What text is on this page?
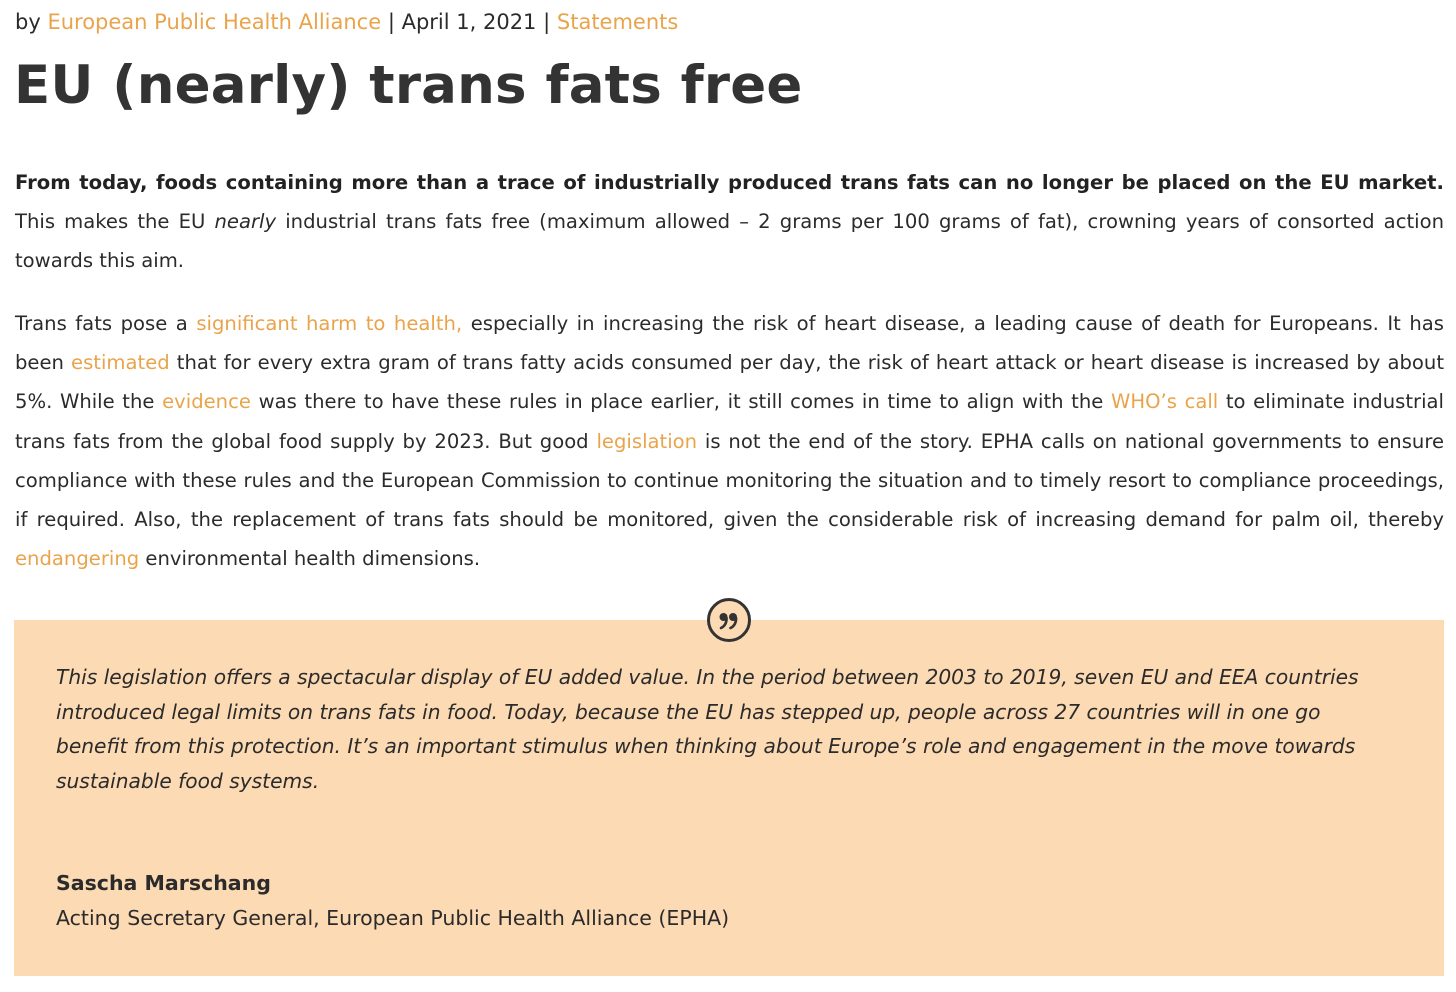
by European Public Health Alliance | April 1, 2021 | Statements
EU (nearly) trans fats free

From today, foods containing more than a trace of industrially produced trans fats can no longer be placed on the EU market. This makes the EU nearly industrial trans fats free (maximum allowed – 2 grams per 100 grams of fat), crowning years of consorted action towards this aim.

Trans fats pose a significant harm to health, especially in increasing the risk of heart disease, a leading cause of death for Europeans. It has been estimated that for every extra gram of trans fatty acids consumed per day, the risk of heart attack or heart disease is increased by about 5%. While the evidence was there to have these rules in place earlier, it still comes in time to align with the WHO’s call to eliminate industrial trans fats from the global food supply by 2023. But good legislation is not the end of the story. EPHA calls on national governments to ensure compliance with these rules and the European Commission to continue monitoring the situation and to timely resort to compliance proceedings, if required. Also, the replacement of trans fats should be monitored, given the considerable risk of increasing demand for palm oil, thereby endangering environmental health dimensions.

This legislation offers a spectacular display of EU added value. In the period between 2003 to 2019, seven EU and EEA countries introduced legal limits on trans fats in food. Today, because the EU has stepped up, people across 27 countries will in one go benefit from this protection. It’s an important stimulus when thinking about Europe’s role and engagement in the move towards sustainable food systems.

Sascha Marschang

Acting Secretary General, European Public Health Alliance (EPHA)
